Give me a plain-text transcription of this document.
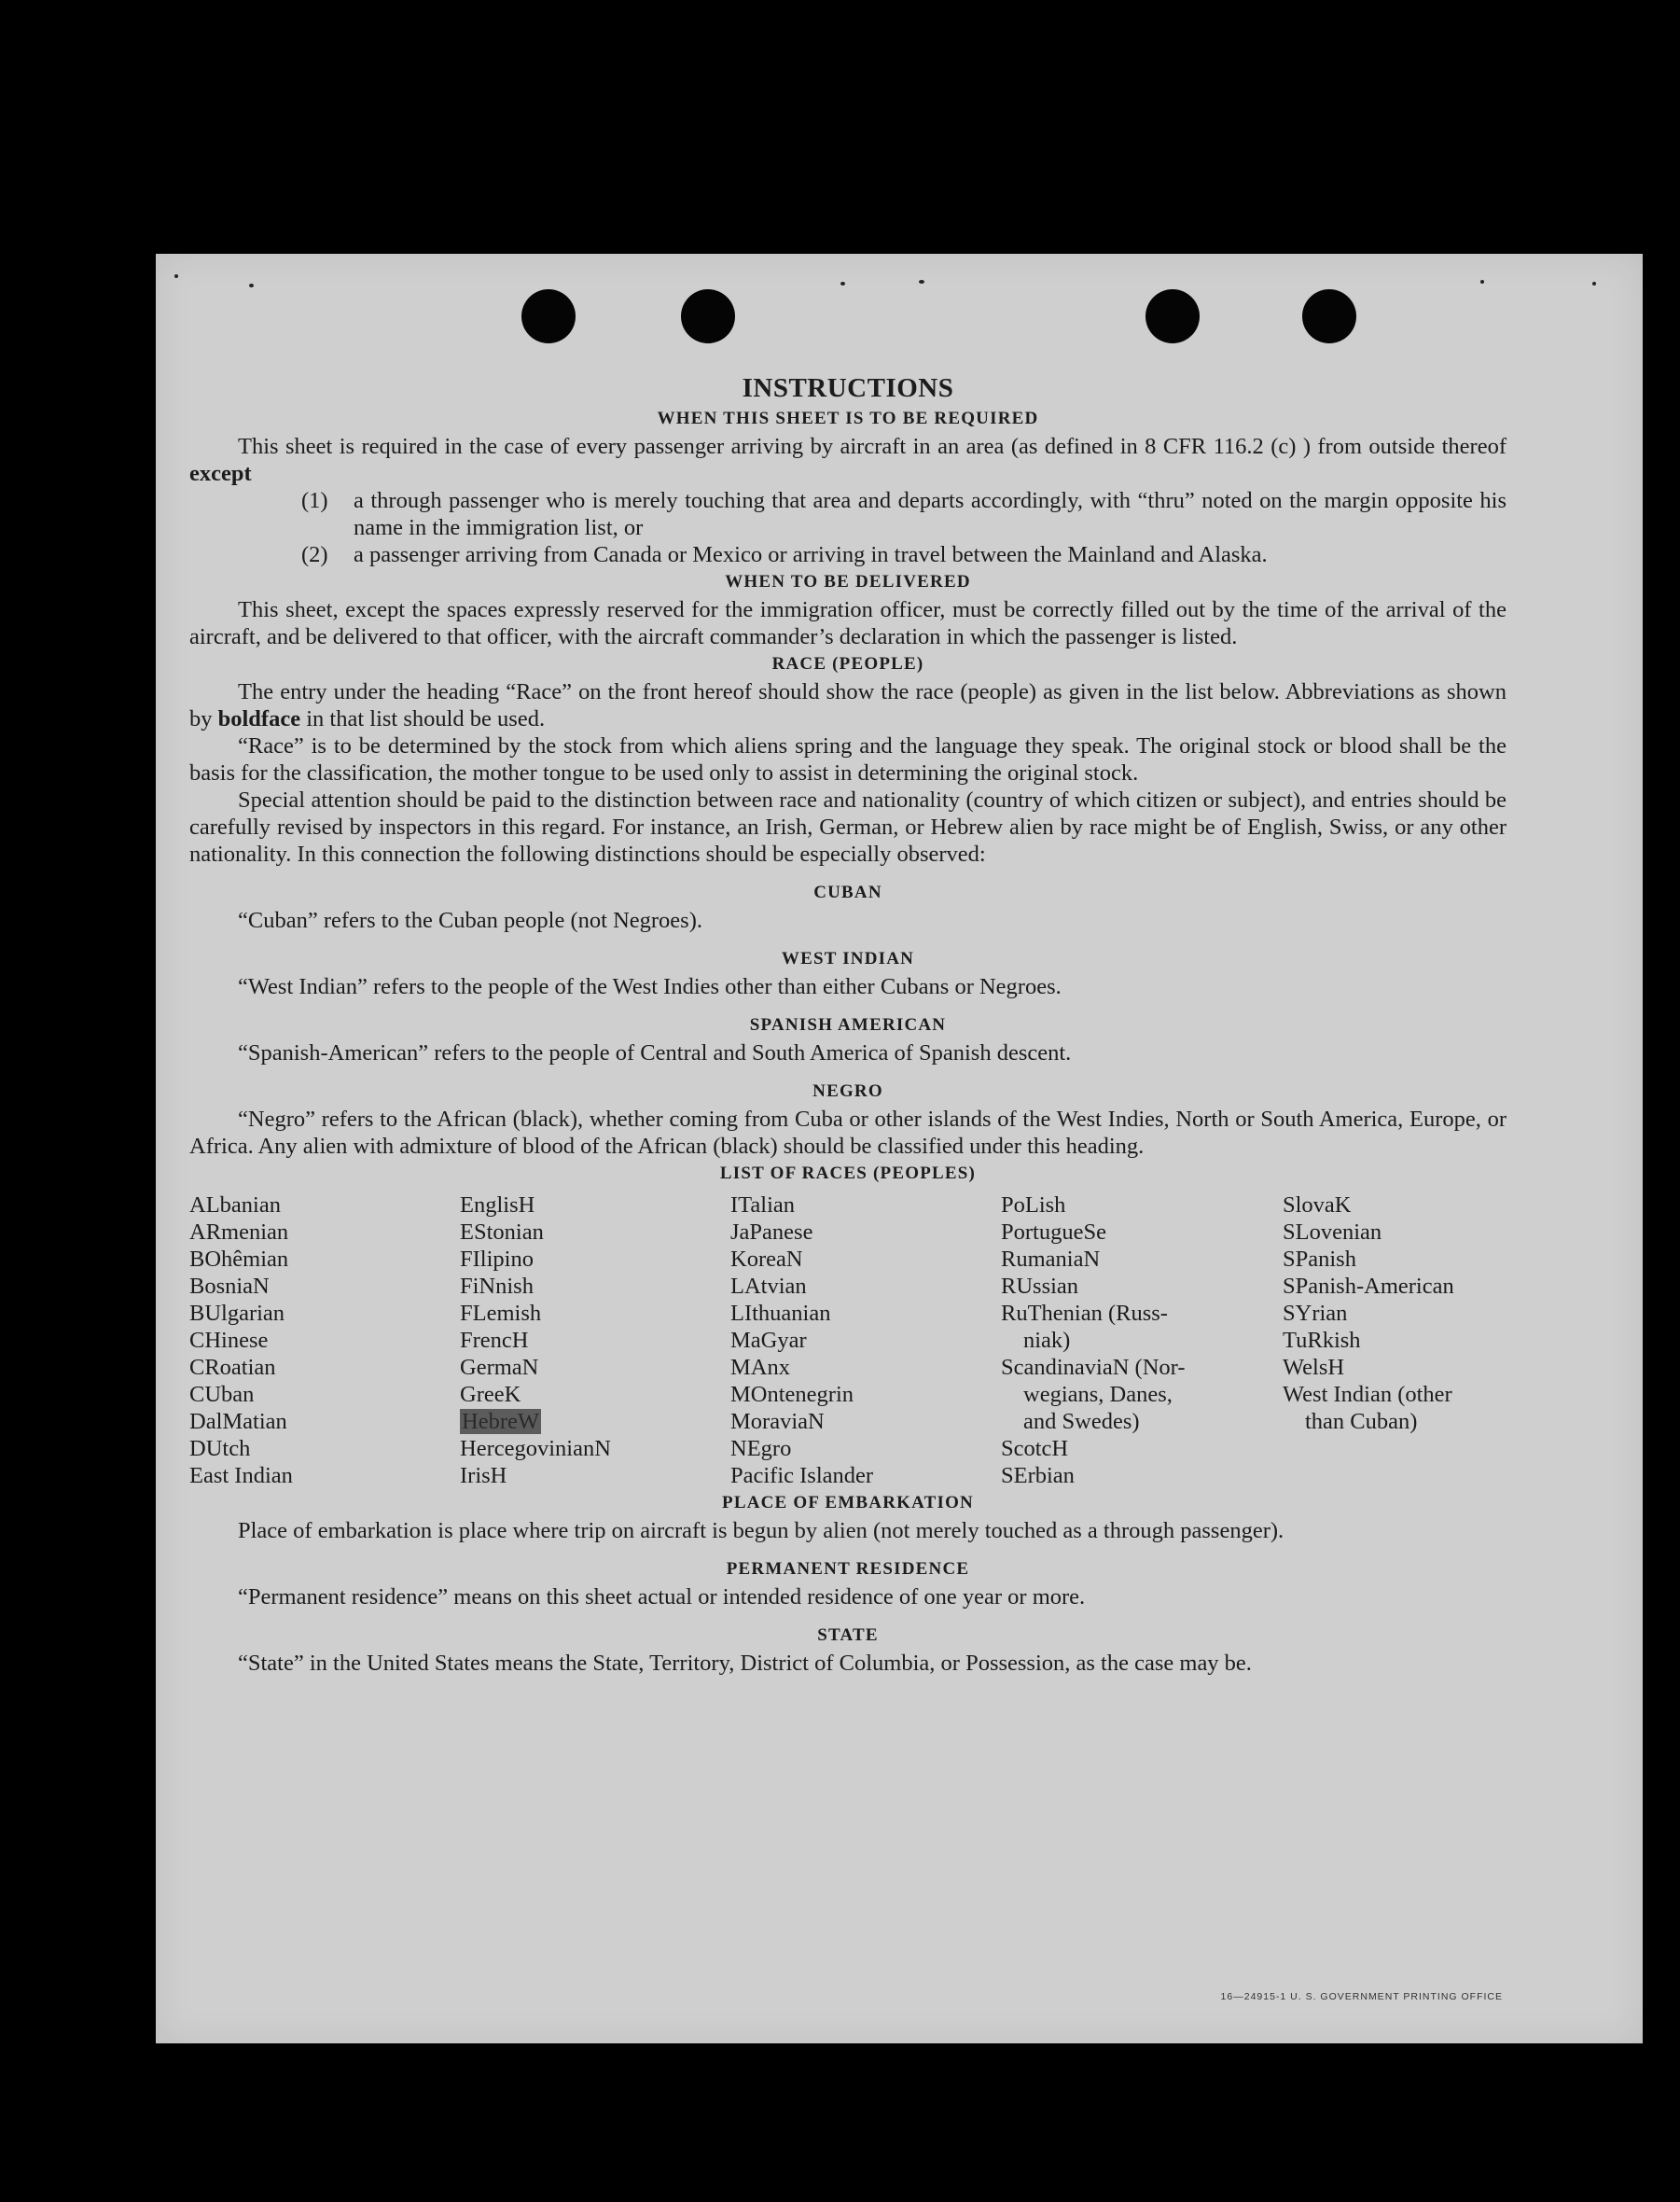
INSTRUCTIONS
WHEN THIS SHEET IS TO BE REQUIRED

This sheet is required in the case of every passenger arriving by aircraft in an area (as defined in 8 CFR 116.2 (c) ) from outside thereof except

(1)	a through passenger who is merely touching that area and departs accordingly, with “thru” noted on the margin opposite his name in the immigration list, or
(2)	a passenger arriving from Canada or Mexico or arriving in travel between the Mainland and Alaska.
WHEN TO BE DELIVERED

This sheet, except the spaces expressly reserved for the immigration officer, must be correctly filled out by the time of the arrival of the aircraft, and be delivered to that officer, with the aircraft commander’s declaration in which the passenger is listed.

RACE (PEOPLE)

The entry under the heading “Race” on the front hereof should show the race (people) as given in the list below. Abbreviations as shown by boldface in that list should be used.

“Race” is to be determined by the stock from which aliens spring and the language they speak. The original stock or blood shall be the basis for the classification, the mother tongue to be used only to assist in determining the original stock.

Special attention should be paid to the distinction between race and nationality (country of which citizen or subject), and entries should be carefully revised by inspectors in this regard. For instance, an Irish, German, or Hebrew alien by race might be of English, Swiss, or any other nationality. In this connection the following distinctions should be especially observed:

CUBAN

“Cuban” refers to the Cuban people (not Negroes).

WEST INDIAN

“West Indian” refers to the people of the West Indies other than either Cubans or Negroes.

SPANISH AMERICAN

“Spanish-American” refers to the people of Central and South America of Spanish descent.

NEGRO

“Negro” refers to the African (black), whether coming from Cuba or other islands of the West Indies, North or South America, Europe, or Africa. Any alien with admixture of blood of the African (black) should be classified under this heading.

LIST OF RACES (PEOPLES)
ALbanian
ARmenian
BOhêmian
BosniaN
BUlgarian
CHinese
CRoatian
CUban
DalMatian
DUtch
East Indian
EnglisH
EStonian
FIlipino
FiNnish
FLemish
FrencH
GermaN
GreeK
HebreW
HercegovinianN
IrisH
ITalian
JaPanese
KoreaN
LAtvian
LIthuanian
MaGyar
MAnx
MOntenegrin
MoraviaN
NEgro
Pacific Islander
PoLish
PortugueSe
RumaniaN
RUssian
RuThenian (Russ-
niak)
ScandinaviaN (Nor-
wegians, Danes,
and Swedes)
ScotcH
SErbian
SlovaK
SLovenian
SPanish
SPanish-American
SYrian
TuRkish
WelsH
West Indian (other
than Cuban)
PLACE OF EMBARKATION

Place of embarkation is place where trip on aircraft is begun by alien (not merely touched as a through passenger).

PERMANENT RESIDENCE

“Permanent residence” means on this sheet actual or intended residence of one year or more.

STATE

“State” in the United States means the State, Territory, District of Columbia, or Possession, as the case may be.

16—24915-1 U. S. GOVERNMENT PRINTING OFFICE
